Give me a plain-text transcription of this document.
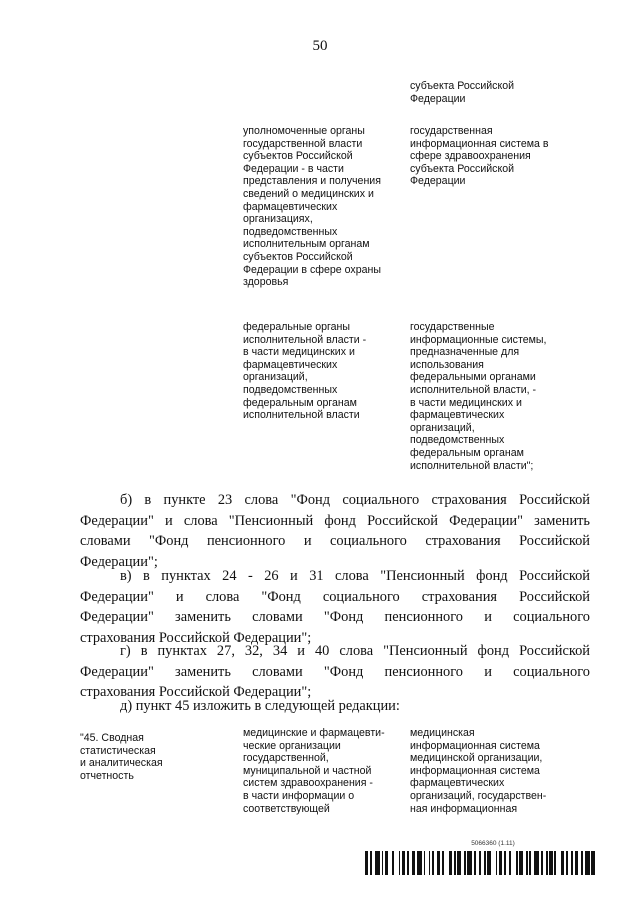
50
субъекта Российской
Федерации
уполномоченные органы
государственной власти
субъектов Российской
Федерации - в части
представления и получения
сведений о медицинских и
фармацевтических
организациях,
подведомственных
исполнительным органам
субъектов Российской
Федерации в сфере охраны
здоровья
государственная
информационная система в
сфере здравоохранения
субъекта Российской
Федерации
федеральные органы
исполнительной власти -
в части медицинских и
фармацевтических
организаций,
подведомственных
федеральным органам
исполнительной власти
государственные
информационные системы,
предназначенные для
использования
федеральными органами
исполнительной власти, -
в части медицинских и
фармацевтических
организаций,
подведомственных
федеральным органам
исполнительной власти";
б) в пункте 23 слова "Фонд социального страхования Российской
Федерации" и слова "Пенсионный фонд Российской Федерации" заменить
словами "Фонд пенсионного и социального страхования Российской
Федерации";
в) в пунктах 24 - 26 и 31 слова "Пенсионный фонд Российской
Федерации" и слова "Фонд социального страхования Российской
Федерации" заменить словами "Фонд пенсионного и социального
страхования Российской Федерации";
г) в пунктах 27, 32, 34 и 40 слова "Пенсионный фонд Российской
Федерации" заменить словами "Фонд пенсионного и социального
страхования Российской Федерации";
д) пункт 45 изложить в следующей редакции:
"45. Сводная
статистическая
и аналитическая
отчетность
медицинские и фармацевти-
ческие организации
государственной,
муниципальной и частной
систем здравоохранения -
в части информации о
соответствующей
медицинская
информационная система
медицинской организации,
информационная система
фармацевтических
организаций, государствен-
ная информационная
5066360 (1.11)
